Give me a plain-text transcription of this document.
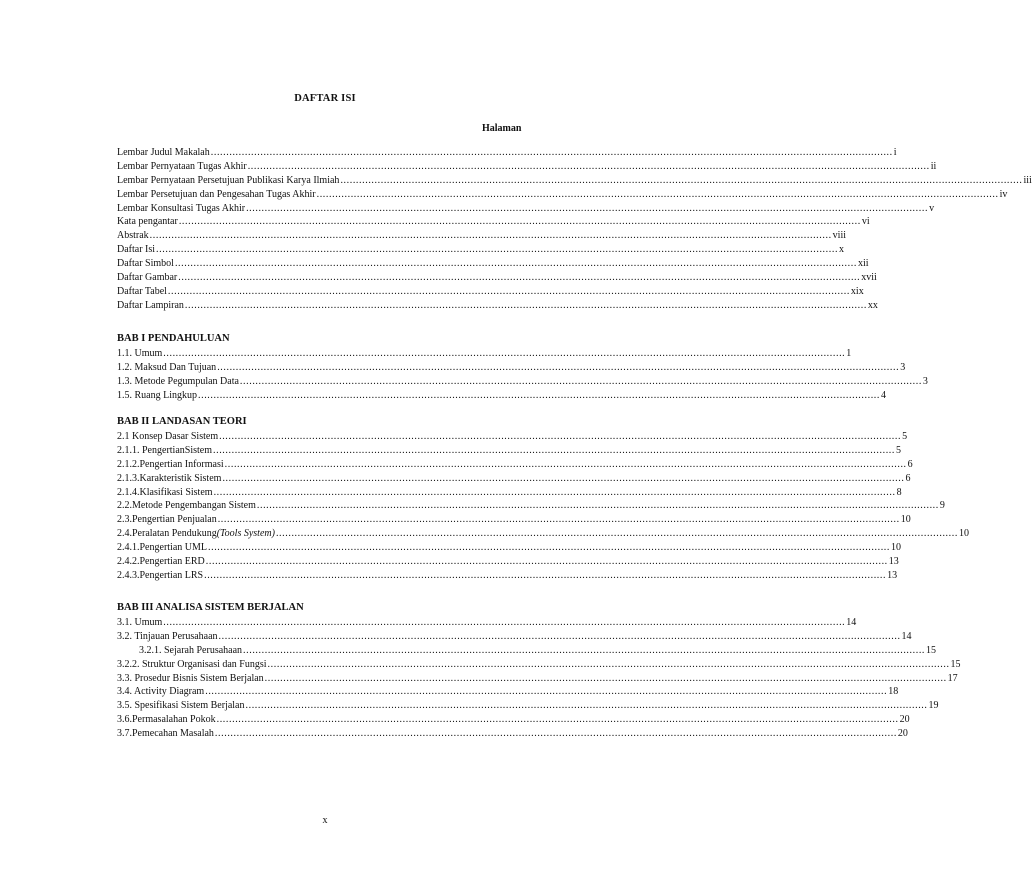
DAFTAR ISI
Halaman
Lembar Judul Makalah ............................................................................................................................................................................................................................ i
Lembar Pernyataan Tugas Akhir ............................................................................................................................................................................................................................ ii
Lembar Pernyataan Persetujuan Publikasi Karya Ilmiah ............................................................................................................................................................................................................................ iii
Lembar Persetujuan dan Pengesahan Tugas Akhir ............................................................................................................................................................................................................................ iv
Lembar Konsultasi Tugas Akhir ............................................................................................................................................................................................................................ v
Kata pengantar ............................................................................................................................................................................................................................ vi
Abstrak ............................................................................................................................................................................................................................ viii
Daftar Isi ............................................................................................................................................................................................................................ x
Daftar Simbol ............................................................................................................................................................................................................................ xii
Daftar Gambar ............................................................................................................................................................................................................................ xvii
Daftar Tabel ............................................................................................................................................................................................................................ xix
Daftar Lampiran ............................................................................................................................................................................................................................ xx
BAB I PENDAHULUAN
1.1. Umum ............................................................................................................................................................................................................................ 1
1.2. Maksud Dan Tujuan ............................................................................................................................................................................................................................ 3
1.3. Metode Pegumpulan Data ............................................................................................................................................................................................................................ 3
1.5. Ruang Lingkup ............................................................................................................................................................................................................................ 4
BAB II LANDASAN TEORI
2.1 Konsep Dasar Sistem ............................................................................................................................................................................................................................ 5
2.1.1. PengertianSistem ............................................................................................................................................................................................................................ 5
2.1.2.Pengertian Informasi ............................................................................................................................................................................................................................ 6
2.1.3.Karakteristik Sistem ............................................................................................................................................................................................................................ 6
2.1.4.Klasifikasi Sistem ............................................................................................................................................................................................................................ 8
2.2.Metode Pengembangan Sistem ............................................................................................................................................................................................................................ 9
2.3.Pengertian Penjualan ............................................................................................................................................................................................................................ 10
2.4.Peralatan Pendukung(Tools System) ............................................................................................................................................................................................................................ 10
2.4.1.Pengertian UML ............................................................................................................................................................................................................................ 10
2.4.2.Pengertian ERD ............................................................................................................................................................................................................................ 13
2.4.3.Pengertian LRS ............................................................................................................................................................................................................................ 13
BAB III ANALISA SISTEM BERJALAN
3.1. Umum ............................................................................................................................................................................................................................ 14
3.2. Tinjauan Perusahaan ............................................................................................................................................................................................................................ 14
3.2.1. Sejarah Perusahaan ............................................................................................................................................................................................................................ 15
3.2.2. Struktur Organisasi dan Fungsi ............................................................................................................................................................................................................................ 15
3.3. Prosedur Bisnis Sistem Berjalan ............................................................................................................................................................................................................................ 17
3.4. Activity Diagram ............................................................................................................................................................................................................................ 18
3.5. Spesifikasi Sistem Berjalan ............................................................................................................................................................................................................................ 19
3.6.Permasalahan Pokok ............................................................................................................................................................................................................................ 20
3.7.Pemecahan Masalah ............................................................................................................................................................................................................................ 20
x
